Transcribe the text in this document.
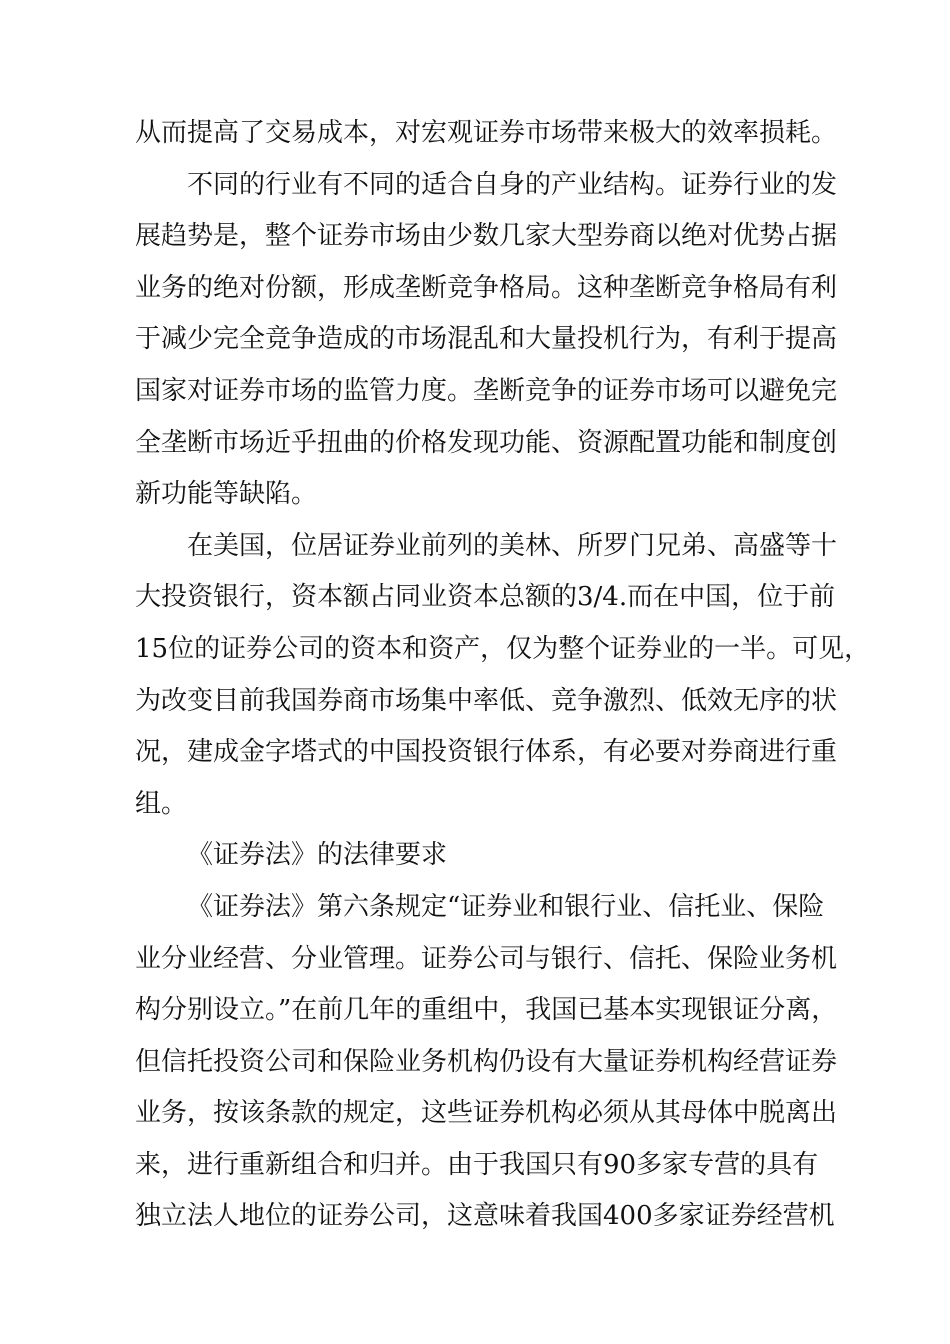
从而提高了交易成本，对宏观证券市场带来极大的效率损耗。
不同的行业有不同的适合自身的产业结构。证券行业的发
展趋势是，整个证券市场由少数几家大型券商以绝对优势占据
业务的绝对份额，形成垄断竞争格局。这种垄断竞争格局有利
于减少完全竞争造成的市场混乱和大量投机行为，有利于提高
国家对证券市场的监管力度。垄断竞争的证券市场可以避免完
全垄断市场近乎扭曲的价格发现功能、资源配置功能和制度创
新功能等缺陷。
在美国，位居证券业前列的美林、所罗门兄弟、高盛等十
大投资银行，资本额占同业资本总额的3/4.而在中国，位于前
15位的证券公司的资本和资产，仅为整个证券业的一半。可见，
为改变目前我国券商市场集中率低、竞争激烈、低效无序的状
况，建成金字塔式的中国投资银行体系，有必要对券商进行重
组。
《证券法》的法律要求
《证券法》第六条规定“证券业和银行业、信托业、保险
业分业经营、分业管理。证券公司与银行、信托、保险业务机
构分别设立。”在前几年的重组中，我国已基本实现银证分离，
但信托投资公司和保险业务机构仍设有大量证券机构经营证券
业务，按该条款的规定，这些证券机构必须从其母体中脱离出
来，进行重新组合和归并。由于我国只有90多家专营的具有
独立法人地位的证券公司，这意味着我国400多家证券经营机
